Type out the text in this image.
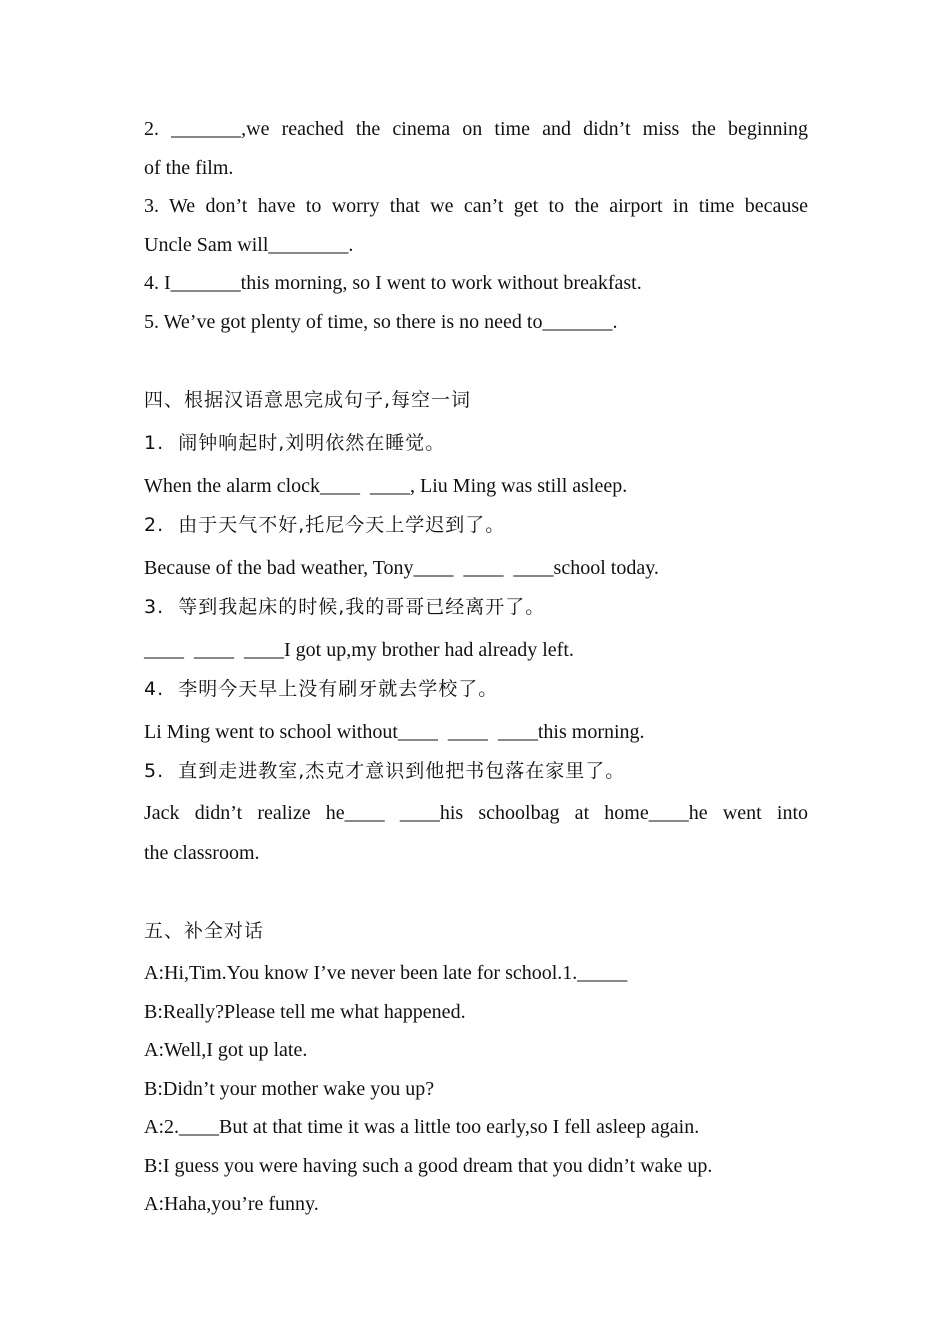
2. _______,we reached the cinema on time and didn’t miss the beginning
of the film.
3. We don’t have to worry that we can’t get to the airport in time because
Uncle Sam will________.
4. I_______this morning, so I went to work without breakfast.
5. We’ve got plenty of time, so there is no need to_______.
四、根据汉语意思完成句子,每空一词
1.  闹钟响起时,刘明依然在睡觉。
When the alarm clock____  ____, Liu Ming was still asleep.
2.  由于天气不好,托尼今天上学迟到了。
Because of the bad weather, Tony____  ____  ____school today.
3.  等到我起床的时候,我的哥哥已经离开了。
____  ____  ____I got up,my brother had already left.
4.  李明今天早上没有刷牙就去学校了。
Li Ming went to school without____  ____  ____this morning.
5.  直到走进教室,杰克才意识到他把书包落在家里了。
Jack didn’t realize he____ ____his schoolbag at home____he went into
the classroom.
五、补全对话
A:Hi,Tim.You know I’ve never been late for school.1._____
B:Really?Please tell me what happened.
A:Well,I got up late.
B:Didn’t your mother wake you up?
A:2.____But at that time it was a little too early,so I fell asleep again.
B:I guess you were having such a good dream that you didn’t wake up.
A:Haha,you’re funny.
